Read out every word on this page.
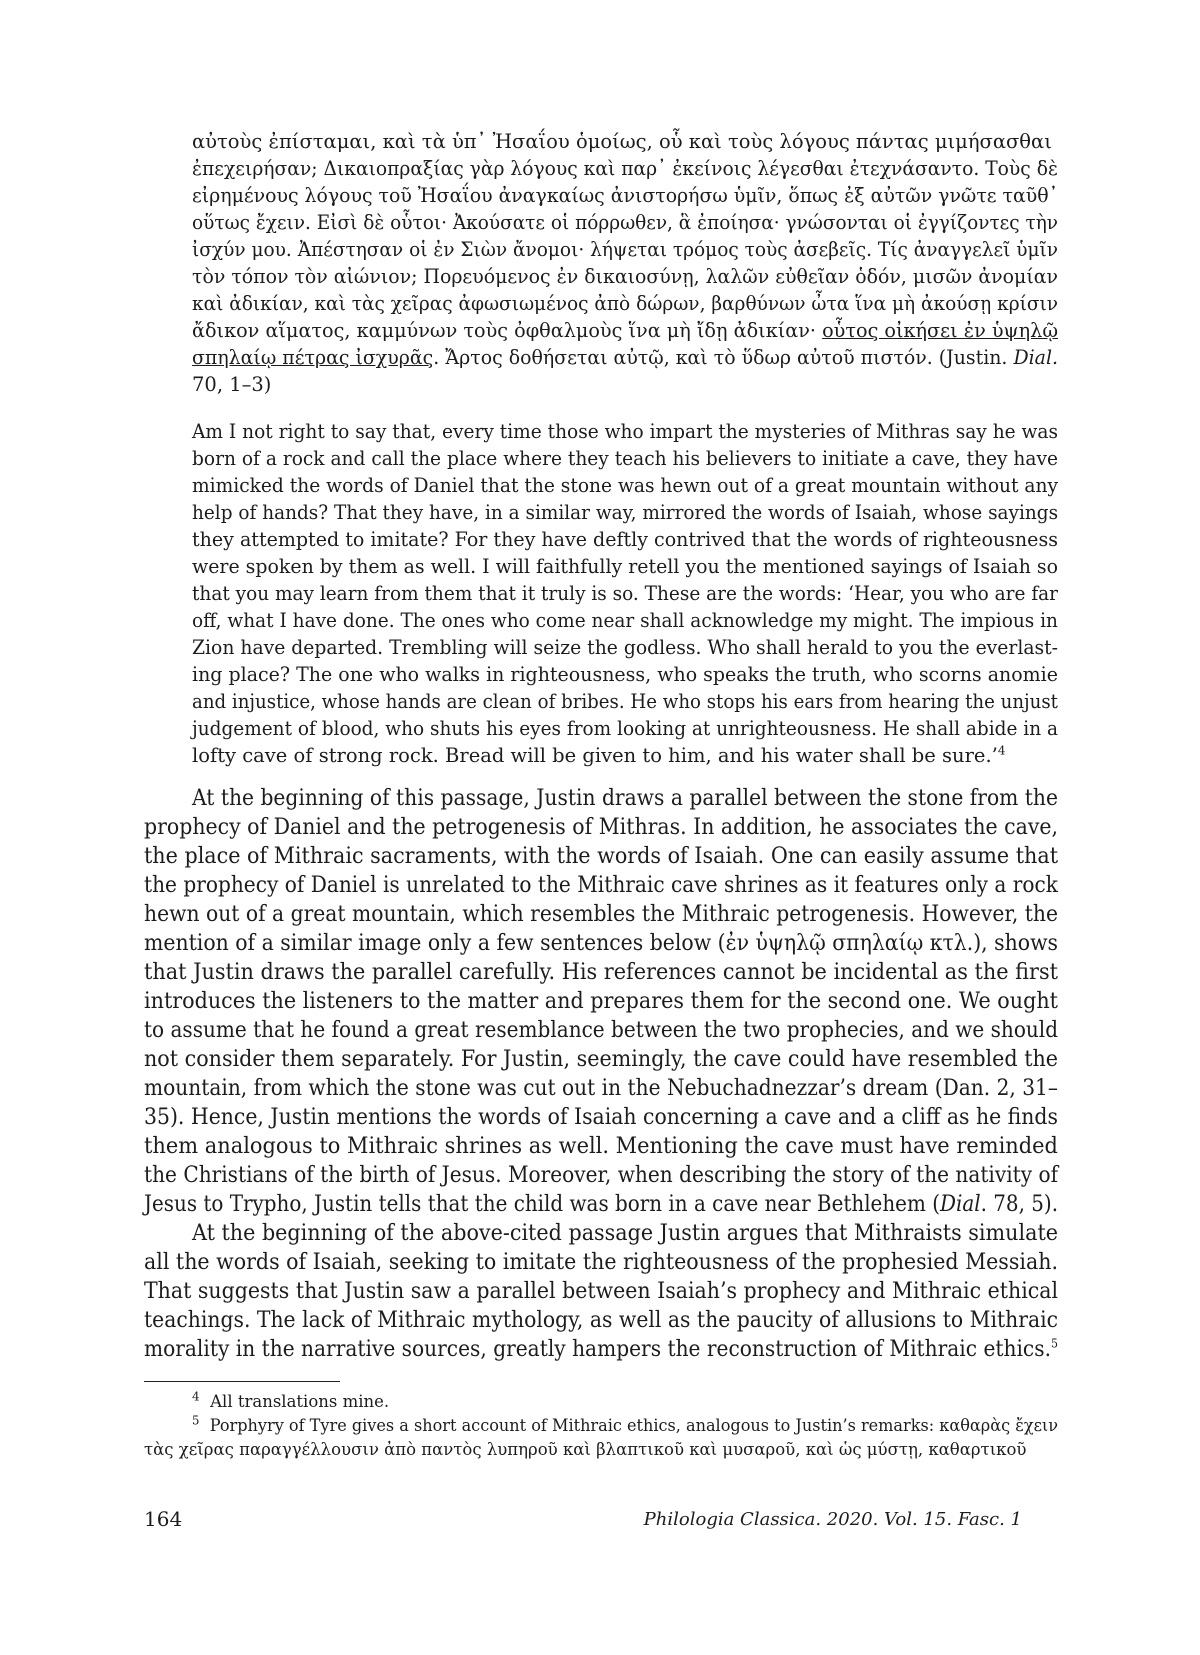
αὐτοὺς ἐπίσταμαι, καὶ τὰ ὑπ᾽ Ἠσαΐου ὁμοίως, οὗ καὶ τοὺς λόγους πάντας μιμήσασθαι
ἐπεχειρήσαν; Δικαιοπραξίας γὰρ λόγους καὶ παρ᾽ ἐκείνοις λέγεσθαι ἐτεχνάσαντο. Τοὺς δὲ
εἰρημένους λόγους τοῦ Ἠσαΐου ἀναγκαίως ἀνιστορήσω ὑμῖν, ὅπως ἐξ αὐτῶν γνῶτε ταῦθ᾽
οὕτως ἔχειν. Εἰσὶ δὲ οὗτοι· Ἀκούσατε οἱ πόρρωθεν, ἃ ἐποίησα· γνώσονται οἱ ἐγγίζοντες τὴν
ἰσχύν μου. Ἀπέστησαν οἱ ἐν Σιὼν ἄνομοι· λήψεται τρόμος τοὺς ἀσεβεῖς. Τίς ἀναγγελεῖ ὑμῖν
τὸν τόπον τὸν αἰώνιον; Πορευόμενος ἐν δικαιοσύνῃ, λαλῶν εὐθεῖαν ὁδόν, μισῶν ἀνομίαν
καὶ ἀδικίαν, καὶ τὰς χεῖρας ἀφωσιωμένος ἀπὸ δώρων, βαρθύνων ὦτα ἵνα μὴ ἀκούσῃ κρίσιν
ἄδικον αἵματος, καμμύνων τοὺς ὀφθαλμοὺς ἵνα μὴ ἴδῃ ἀδικίαν· οὗτος οἰκήσει ἐν ὑψηλῷ
σπηλαίῳ πέτρας ἰσχυρᾶς. Ἄρτος δοθήσεται αὐτῷ, καὶ τὸ ὕδωρ αὐτοῦ πιστόν. (Justin. Dial.
70, 1–3)
Am I not right to say that, every time those who impart the mysteries of Mithras say he was
born of a rock and call the place where they teach his believers to initiate a cave, they have
mimicked the words of Daniel that the stone was hewn out of a great mountain without any
help of hands? That they have, in a similar way, mirrored the words of Isaiah, whose sayings
they attempted to imitate? For they have deftly contrived that the words of righteousness
were spoken by them as well. I will faithfully retell you the mentioned sayings of Isaiah so
that you may learn from them that it truly is so. These are the words: ‘Hear, you who are far
off, what I have done. The ones who come near shall acknowledge my might. The impious in
Zion have departed. Trembling will seize the godless. Who shall herald to you the everlast-
ing place? The one who walks in righteousness, who speaks the truth, who scorns anomie
and injustice, whose hands are clean of bribes. He who stops his ears from hearing the unjust
judgement of blood, who shuts his eyes from looking at unrighteousness. He shall abide in a
lofty cave of strong rock. Bread will be given to him, and his water shall be sure.’$^4$
At the beginning of this passage, Justin draws a parallel between the stone from the
prophecy of Daniel and the petrogenesis of Mithras. In addition, he associates the cave,
the place of Mithraic sacraments, with the words of Isaiah. One can easily assume that
the prophecy of Daniel is unrelated to the Mithraic cave shrines as it features only a rock
hewn out of a great mountain, which resembles the Mithraic petrogenesis. However, the
mention of a similar image only a few sentences below (ἐν ὑψηλῷ σπηλαίῳ κτλ.), shows
that Justin draws the parallel carefully. His references cannot be incidental as the first
introduces the listeners to the matter and prepares them for the second one. We ought
to assume that he found a great resemblance between the two prophecies, and we should
not consider them separately. For Justin, seemingly, the cave could have resembled the
mountain, from which the stone was cut out in the Nebuchadnezzar’s dream (Dan. 2, 31–
35). Hence, Justin mentions the words of Isaiah concerning a cave and a cliff as he finds
them analogous to Mithraic shrines as well. Mentioning the cave must have reminded
the Christians of the birth of Jesus. Moreover, when describing the story of the nativity of
Jesus to Trypho, Justin tells that the child was born in a cave near Bethlehem (Dial. 78, 5).
At the beginning of the above-cited passage Justin argues that Mithraists simulate
all the words of Isaiah, seeking to imitate the righteousness of the prophesied Messiah.
That suggests that Justin saw a parallel between Isaiah’s prophecy and Mithraic ethical
teachings. The lack of Mithraic mythology, as well as the paucity of allusions to Mithraic
morality in the narrative sources, greatly hampers the reconstruction of Mithraic ethics.$^5$
$^4$ All translations mine.
$^5$ Porphyry of Tyre gives a short account of Mithraic ethics, analogous to Justin’s remarks: καθαρὰς ἔχειν
τὰς χεῖρας παραγγέλλουσιν ἀπὸ παντὸς λυπηροῦ καὶ βλαπτικοῦ καὶ μυσαροῦ, καὶ ὡς μύστῃ, καθαρτικοῦ
164	Philologia Classica. 2020. Vol. 15. Fasc. 1
